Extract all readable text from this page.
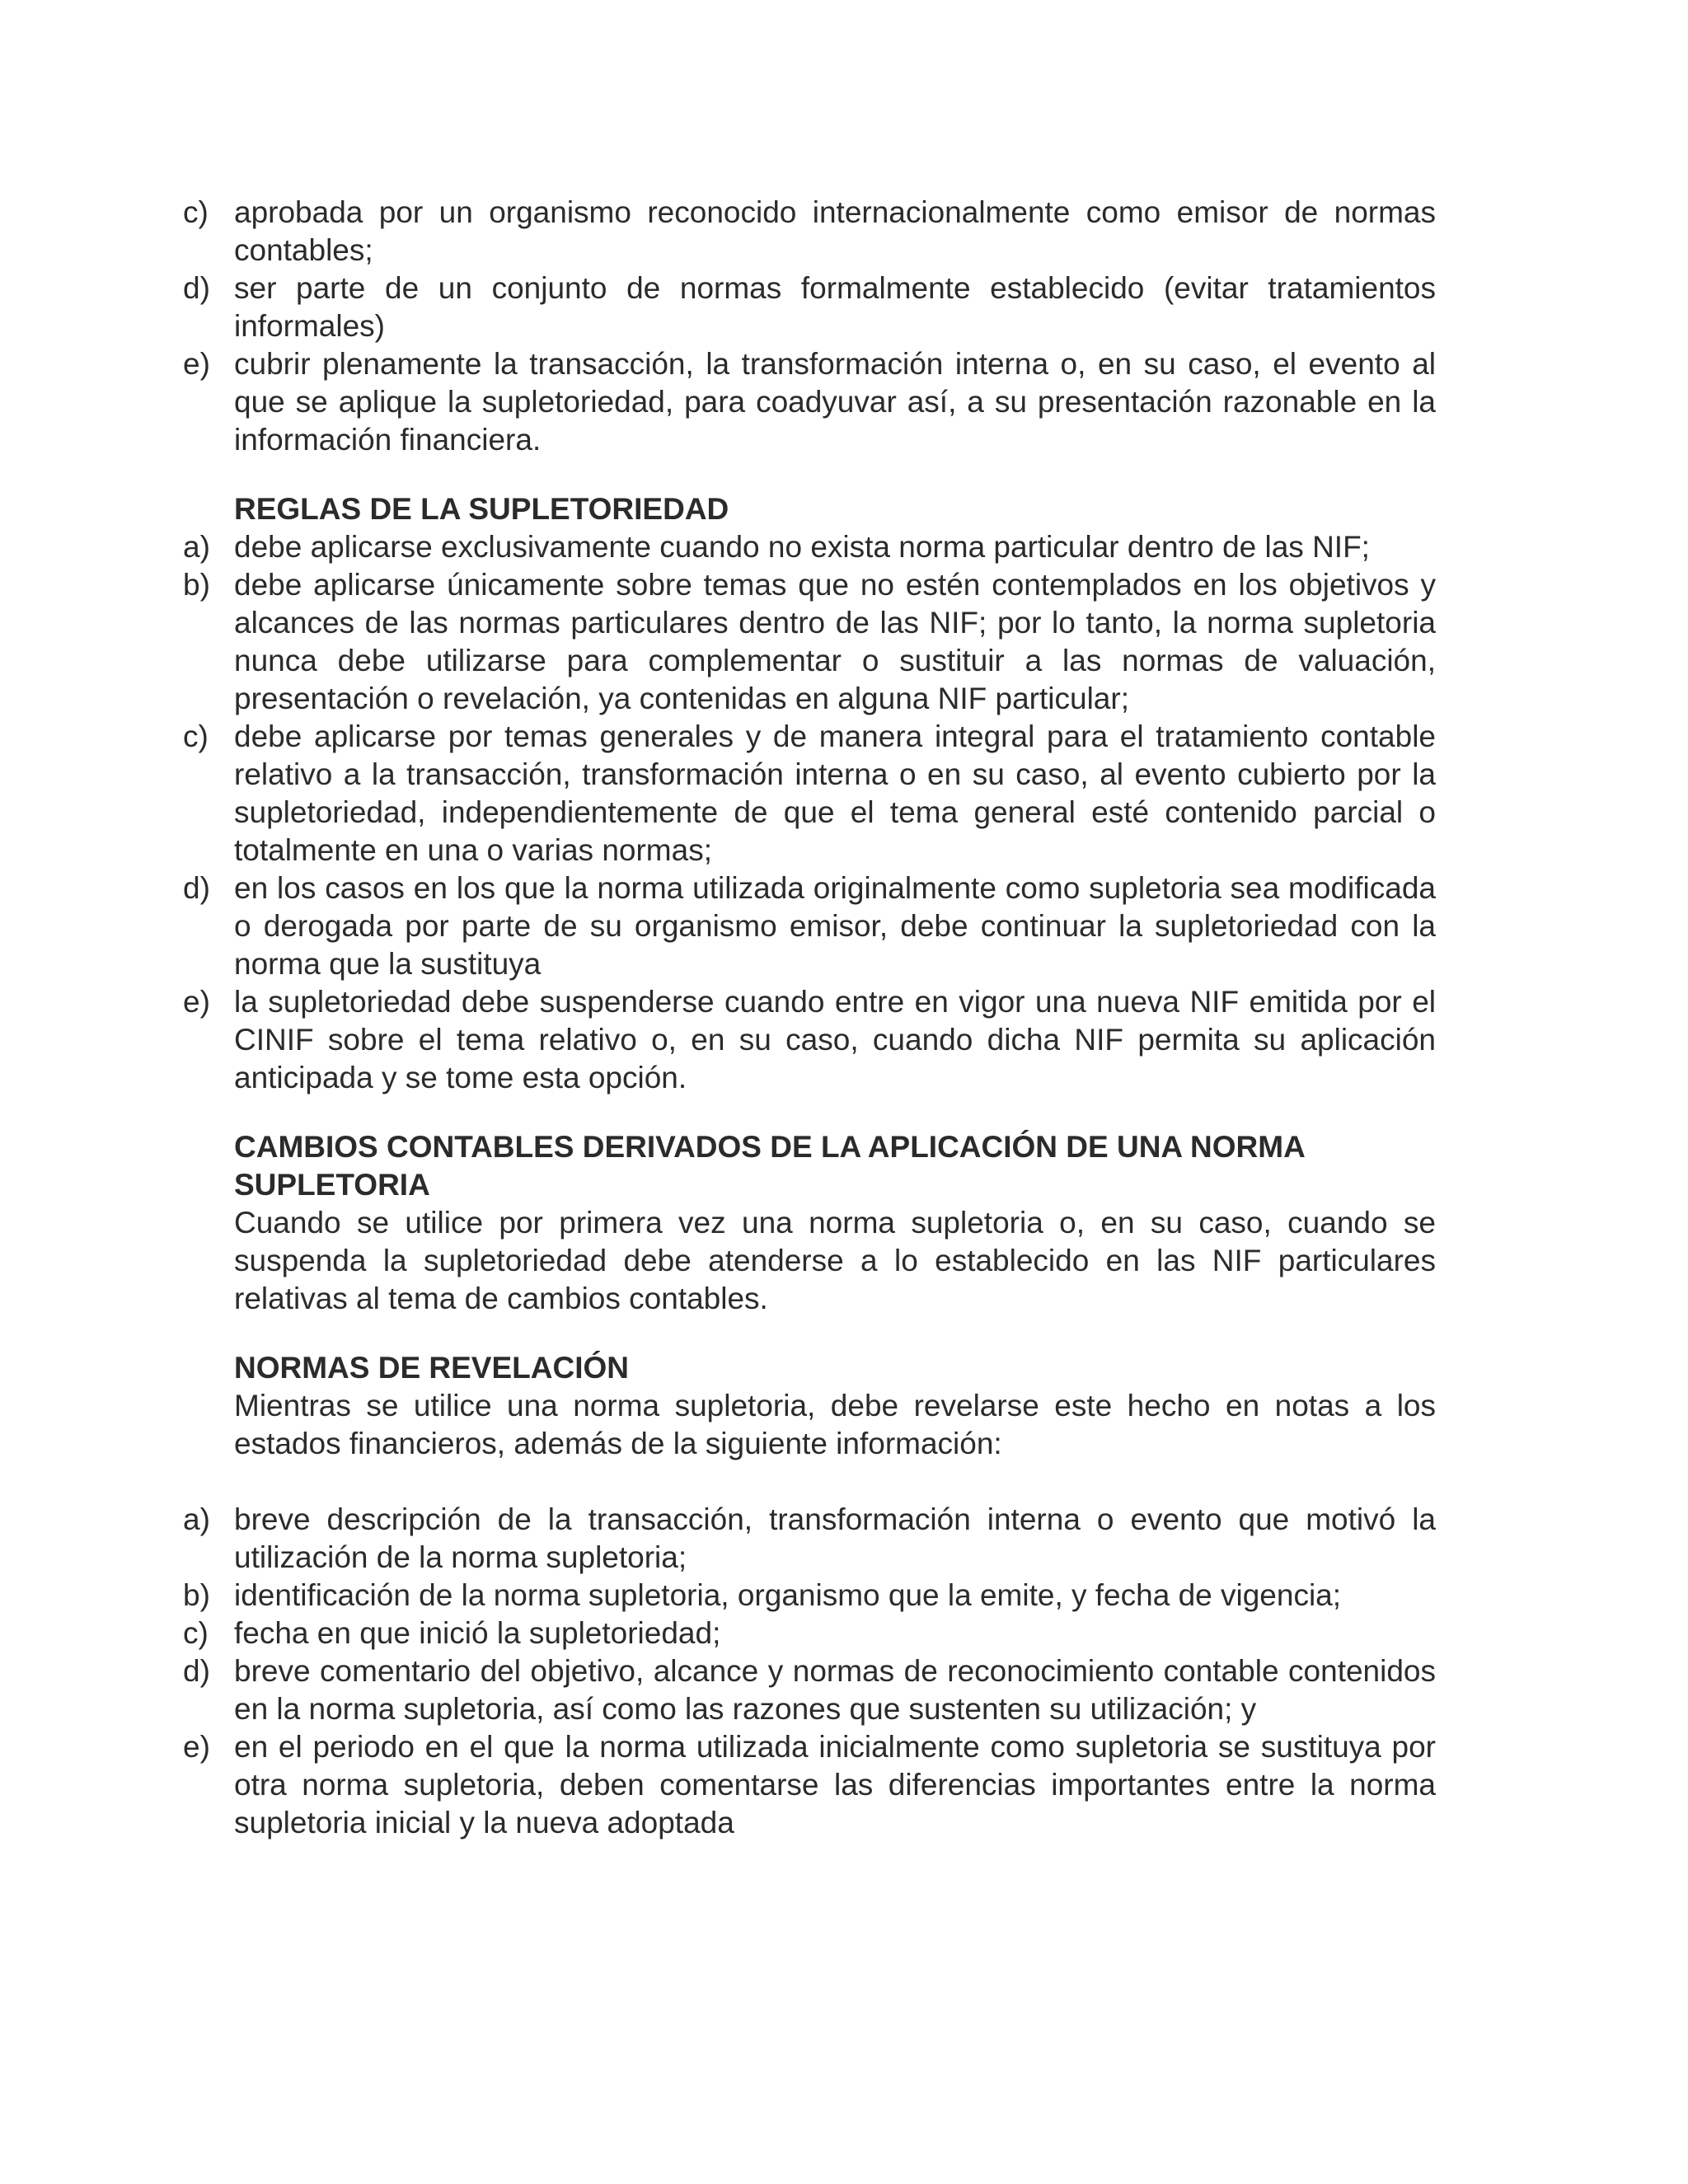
c) aprobada por un organismo reconocido internacionalmente como emisor de normas contables;
d) ser parte de un conjunto de normas formalmente establecido (evitar tratamientos informales)
e) cubrir plenamente la transacción, la transformación interna o, en su caso, el evento al que se aplique la supletoriedad, para coadyuvar así, a su presentación razonable en la información financiera.
REGLAS DE LA SUPLETORIEDAD
a) debe aplicarse exclusivamente cuando no exista norma particular dentro de las NIF;
b) debe aplicarse únicamente sobre temas que no estén contemplados en los objetivos y alcances de las normas particulares dentro de las NIF; por lo tanto, la norma supletoria nunca debe utilizarse para complementar o sustituir a las normas de valuación, presentación o revelación, ya contenidas en alguna NIF particular;
c) debe aplicarse por temas generales y de manera integral para el tratamiento contable relativo a la transacción, transformación interna o en su caso, al evento cubierto por la supletoriedad, independientemente de que el tema general esté contenido parcial o totalmente en una o varias normas;
d) en los casos en los que la norma utilizada originalmente como supletoria sea modificada o derogada por parte de su organismo emisor, debe continuar la supletoriedad con la norma que la sustituya
e) la supletoriedad debe suspenderse cuando entre en vigor una nueva NIF emitida por el CINIF sobre el tema relativo o, en su caso, cuando dicha NIF permita su aplicación anticipada y se tome esta opción.
CAMBIOS CONTABLES DERIVADOS DE LA APLICACIÓN DE UNA NORMA SUPLETORIA

Cuando se utilice por primera vez una norma supletoria o, en su caso, cuando se suspenda la supletoriedad debe atenderse a lo establecido en las NIF particulares relativas al tema de cambios contables.

NORMAS DE REVELACIÓN

Mientras se utilice una norma supletoria, debe revelarse este hecho en notas a los estados financieros, además de la siguiente información:

a) breve descripción de la transacción, transformación interna o evento que motivó la utilización de la norma supletoria;
b) identificación de la norma supletoria, organismo que la emite, y fecha de vigencia;
c) fecha en que inició la supletoriedad;
d) breve comentario del objetivo, alcance y normas de reconocimiento contable contenidos en la norma supletoria, así como las razones que sustenten su utilización; y
e) en el periodo en el que la norma utilizada inicialmente como supletoria se sustituya por otra norma supletoria, deben comentarse las diferencias importantes entre la norma supletoria inicial y la nueva adoptada
